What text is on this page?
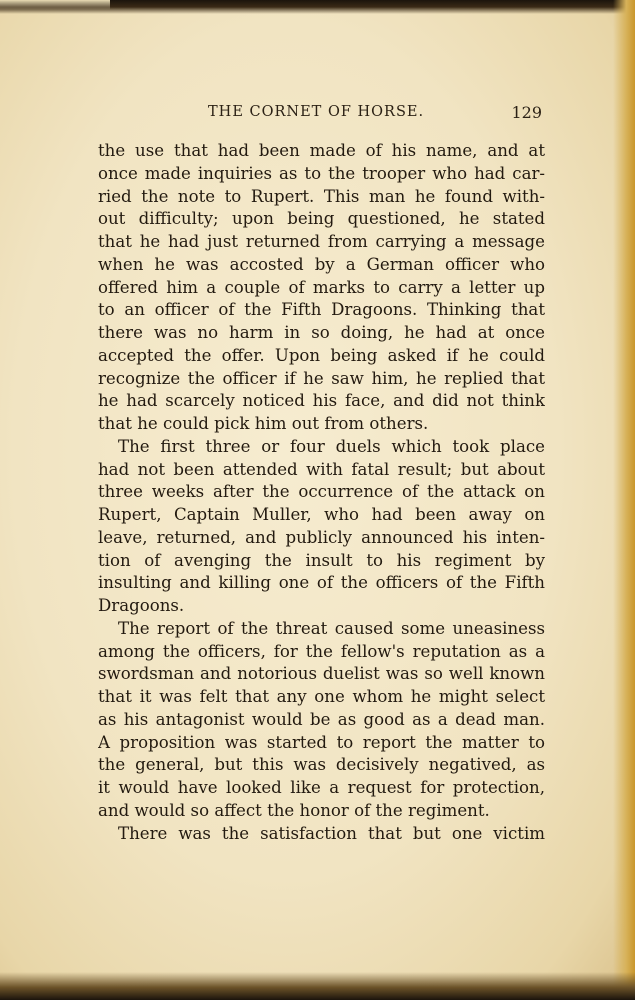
THE CORNET OF HORSE.	129
the use that had been made of his name, and at
once made inquiries as to the trooper who had car-
ried the note to Rupert. This man he found with-
out difficulty; upon being questioned, he stated
that he had just returned from carrying a message
when he was accosted by a German officer who
offered him a couple of marks to carry a letter up
to an officer of the Fifth Dragoons. Thinking that
there was no harm in so doing, he had at once
accepted the offer. Upon being asked if he could
recognize the officer if he saw him, he replied that
he had scarcely noticed his face, and did not think
that he could pick him out from others.
The first three or four duels which took place
had not been attended with fatal result; but about
three weeks after the occurrence of the attack on
Rupert, Captain Muller, who had been away on
leave, returned, and publicly announced his inten-
tion of avenging the insult to his regiment by
insulting and killing one of the officers of the Fifth
Dragoons.
The report of the threat caused some uneasiness
among the officers, for the fellow's reputation as a
swordsman and notorious duelist was so well known
that it was felt that any one whom he might select
as his antagonist would be as good as a dead man.
A proposition was started to report the matter to
the general, but this was decisively negatived, as
it would have looked like a request for protection,
and would so affect the honor of the regiment.
There was the satisfaction that but one victim
